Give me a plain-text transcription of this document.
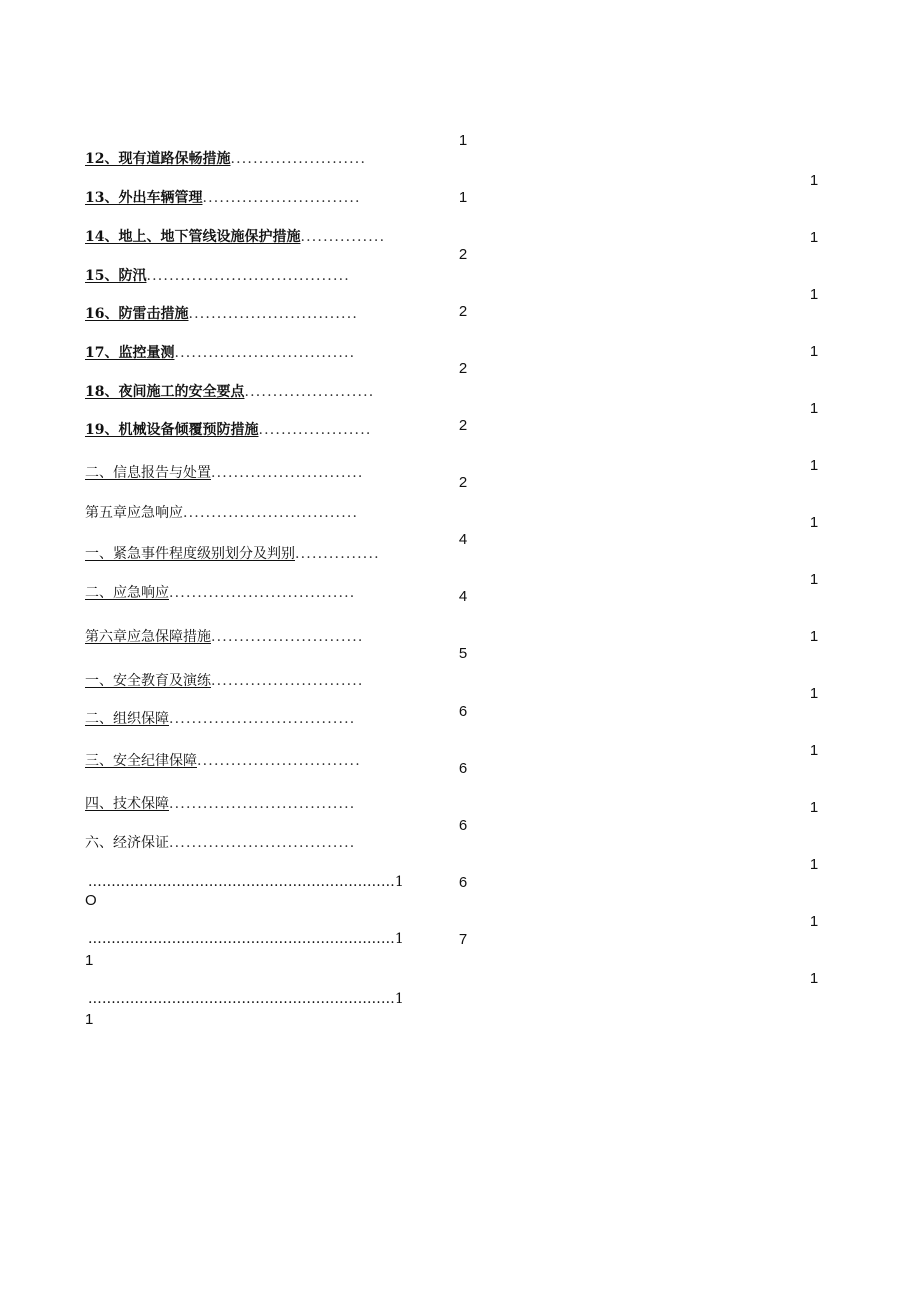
12、现有道路保畅措施........................
13、外出车辆管理............................
14、地上、地下管线设施保护措施...............
15、防汛....................................
16、防雷击措施..............................
17、监控量测................................
18、夜间施工的安全要点.......................
19、机械设备倾覆预防措施....................
二、信息报告与处置...........................
第五章应急响应...............................
一、紧急事件程度级别划分及判别...............
二、应急响应.................................
第六章应急保障措施...........................
一、安全教育及演练...........................
二、组织保障.................................
三、安全纪律保障.............................
四、技术保障.................................
六、经济保证.................................
1
1
2
2
2
2
2
4
4
5
6
6
6
6
7
1
1
1
1
1
1
1
1
1
1
1
1
1
1
1
..................................................................1
O
..................................................................1
1
..................................................................1
1
